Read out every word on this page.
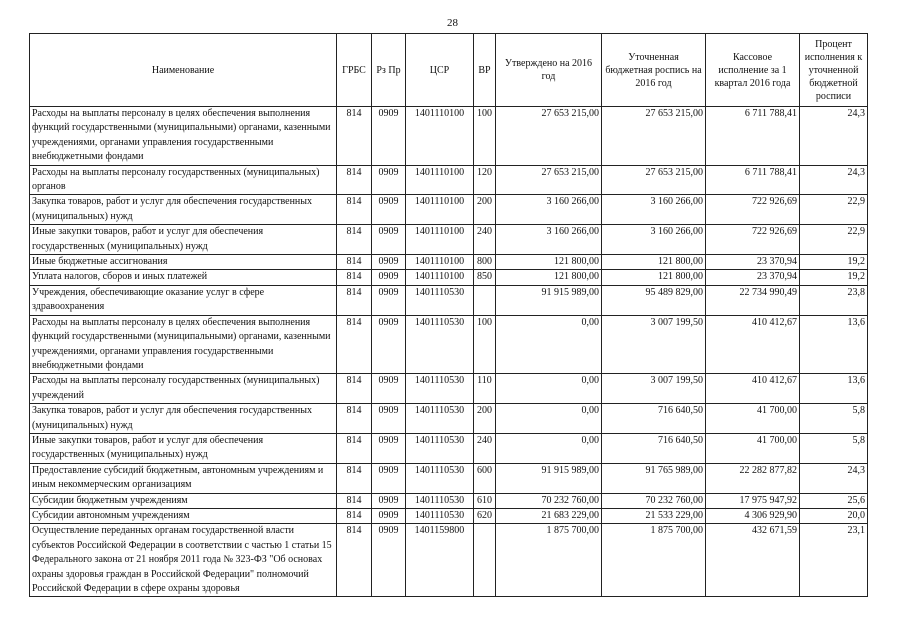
28
Наименование	ГРБС	Рз Пр	ЦСР	ВР	Утверждено на 2016 год	Уточненная бюджетная роспись на 2016 год	Кассовое исполнение за 1 квартал 2016 года	Процент исполнения к уточненной бюджетной росписи
Расходы на выплаты персоналу в целях обеспечения выполнения функций государственными (муниципальными) органами, казенными учреждениями, органами управления государственными внебюджетными фондами	814	0909	1401110100	100	27 653 215,00	27 653 215,00	6 711 788,41	24,3
Расходы на выплаты персоналу государственных (муниципальных) органов	814	0909	1401110100	120	27 653 215,00	27 653 215,00	6 711 788,41	24,3
Закупка товаров, работ и услуг для обеспечения государственных (муниципальных) нужд	814	0909	1401110100	200	3 160 266,00	3 160 266,00	722 926,69	22,9
Иные закупки товаров, работ и услуг для обеспечения государственных (муниципальных) нужд	814	0909	1401110100	240	3 160 266,00	3 160 266,00	722 926,69	22,9
Иные бюджетные ассигнования	814	0909	1401110100	800	121 800,00	121 800,00	23 370,94	19,2
Уплата налогов, сборов и иных платежей	814	0909	1401110100	850	121 800,00	121 800,00	23 370,94	19,2
Учреждения, обеспечивающие оказание услуг в сфере здравоохранения	814	0909	1401110530		91 915 989,00	95 489 829,00	22 734 990,49	23,8
Расходы на выплаты персоналу в целях обеспечения выполнения функций государственными (муниципальными) органами, казенными учреждениями, органами управления государственными внебюджетными фондами	814	0909	1401110530	100	0,00	3 007 199,50	410 412,67	13,6
Расходы на выплаты персоналу государственных (муниципальных) учреждений	814	0909	1401110530	110	0,00	3 007 199,50	410 412,67	13,6
Закупка товаров, работ и услуг для обеспечения государственных (муниципальных) нужд	814	0909	1401110530	200	0,00	716 640,50	41 700,00	5,8
Иные закупки товаров, работ и услуг для обеспечения государственных (муниципальных) нужд	814	0909	1401110530	240	0,00	716 640,50	41 700,00	5,8
Предоставление субсидий бюджетным, автономным учреждениям и иным некоммерческим организациям	814	0909	1401110530	600	91 915 989,00	91 765 989,00	22 282 877,82	24,3
Субсидии бюджетным учреждениям	814	0909	1401110530	610	70 232 760,00	70 232 760,00	17 975 947,92	25,6
Субсидии автономным учреждениям	814	0909	1401110530	620	21 683 229,00	21 533 229,00	4 306 929,90	20,0
Осуществление переданных органам государственной власти субъектов Российской Федерации в соответствии с частью 1 статьи 15 Федерального закона от 21 ноября 2011 года № 323-ФЗ "Об основах охраны здоровья граждан в Российской Федерации" полномочий Российской Федерации в сфере охраны здоровья	814	0909	1401159800		1 875 700,00	1 875 700,00	432 671,59	23,1
